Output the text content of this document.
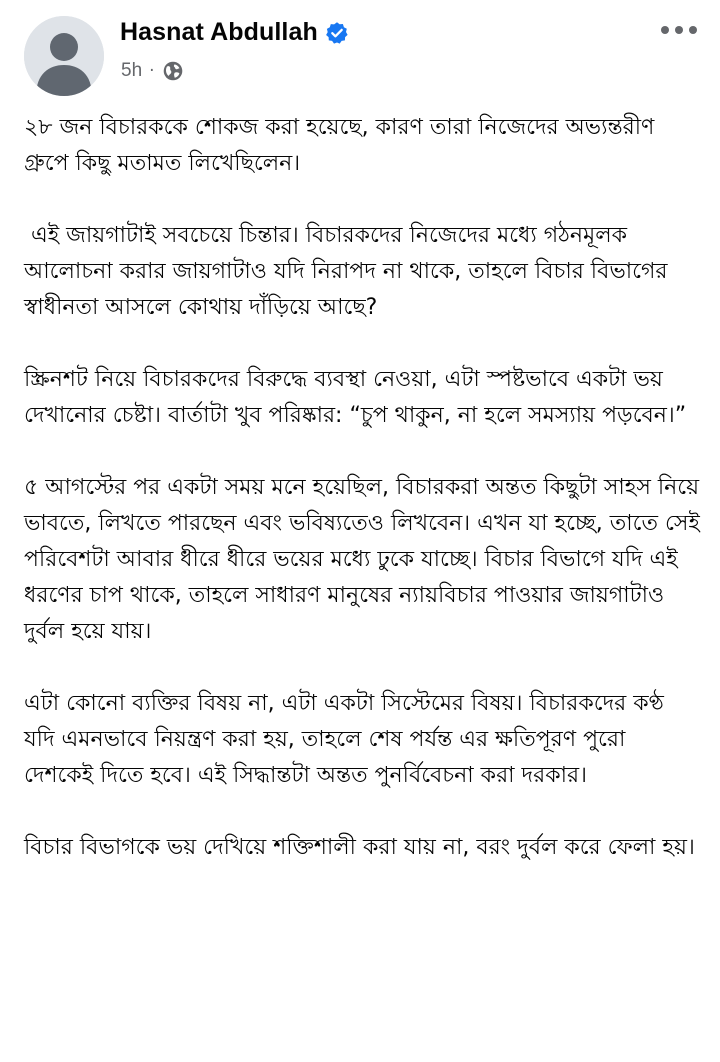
Hasnat Abdullah
5h ·

২৮ জন বিচারককে শোকজ করা হয়েছে, কারণ তারা নিজেদের অভ্যন্তরীণ গ্রুপে কিছু মতামত লিখেছিলেন।

এই জায়গাটাই সবচেয়ে চিন্তার। বিচারকদের নিজেদের মধ্যে গঠনমূলক আলোচনা করার জায়গাটাও যদি নিরাপদ না থাকে, তাহলে বিচার বিভাগের স্বাধীনতা আসলে কোথায় দাঁড়িয়ে আছে?

স্ক্রিনশট নিয়ে বিচারকদের বিরুদ্ধে ব্যবস্থা নেওয়া, এটা স্পষ্টভাবে একটা ভয় দেখানোর চেষ্টা। বার্তাটা খুব পরিষ্কার: “চুপ থাকুন, না হলে সমস্যায় পড়বেন।”

৫ আগস্টের পর একটা সময় মনে হয়েছিল, বিচারকরা অন্তত কিছুটা সাহস নিয়ে ভাবতে, লিখতে পারছেন এবং ভবিষ্যতেও লিখবেন। এখন যা হচ্ছে, তাতে সেই পরিবেশটা আবার ধীরে ধীরে ভয়ের মধ্যে ঢুকে যাচ্ছে। বিচার বিভাগে যদি এই ধরণের চাপ থাকে, তাহলে সাধারণ মানুষের ন্যায়বিচার পাওয়ার জায়গাটাও দুর্বল হয়ে যায়।

এটা কোনো ব্যক্তির বিষয় না, এটা একটা সিস্টেমের বিষয়। বিচারকদের কণ্ঠ যদি এমনভাবে নিয়ন্ত্রণ করা হয়, তাহলে শেষ পর্যন্ত এর ক্ষতিপূরণ পুরো দেশকেই দিতে হবে। এই সিদ্ধান্তটা অন্তত পুনর্বিবেচনা করা দরকার।

বিচার বিভাগকে ভয় দেখিয়ে শক্তিশালী করা যায় না, বরং দুর্বল করে ফেলা হয়।
